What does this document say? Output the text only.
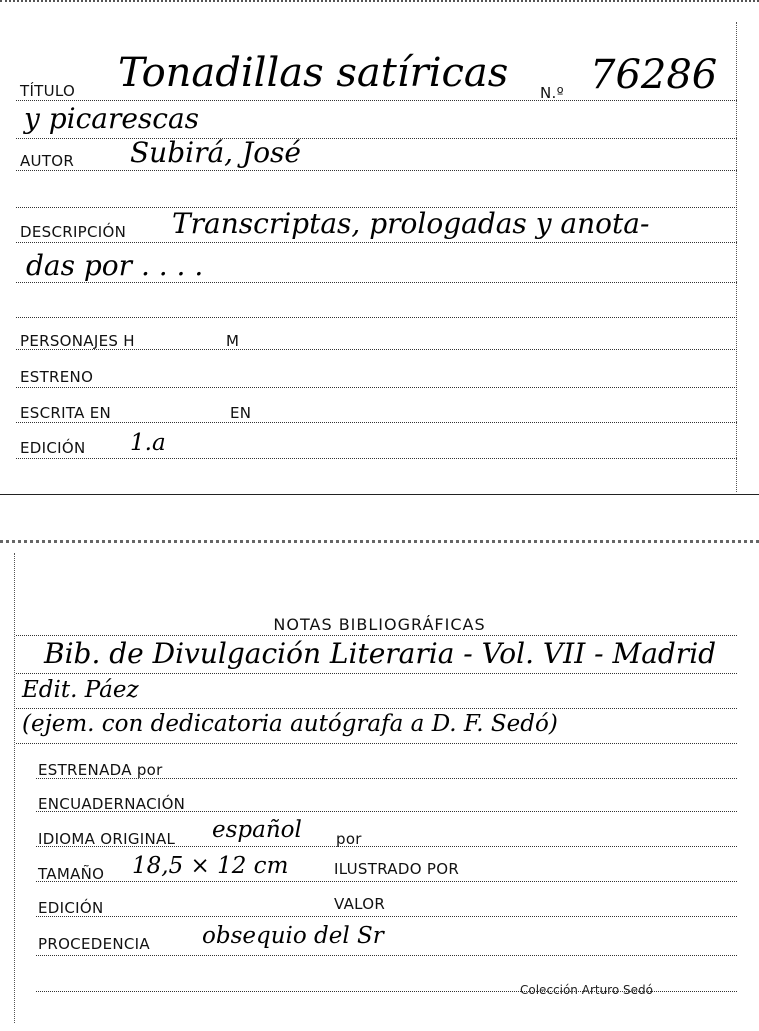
TÍTULO Tonadillas satíricas N.º 76286
y picarescas
AUTOR Subirá, José
DESCRIPCIÓN Transcriptas, prologadas y anota-
das por . . . .
PERSONAJES H	M
ESTRENO
ESCRITA EN	EN
EDICIÓN 1.a
NOTAS BIBLIOGRÁFICAS
Bib. de Divulgación Literaria - Vol. VII - Madrid
Edit. Páez
(ejem. con dedicatoria autógrafa a D. F. Sedó)
ESTRENADA por
ENCUADERNACIÓN
IDIOMA ORIGINAL español por
TAMAÑO 18,5 × 12 cm	ILUSTRADO POR
EDICIÓN	VALOR
PROCEDENCIA obsequio del Sr
Colección Arturo Sedó
